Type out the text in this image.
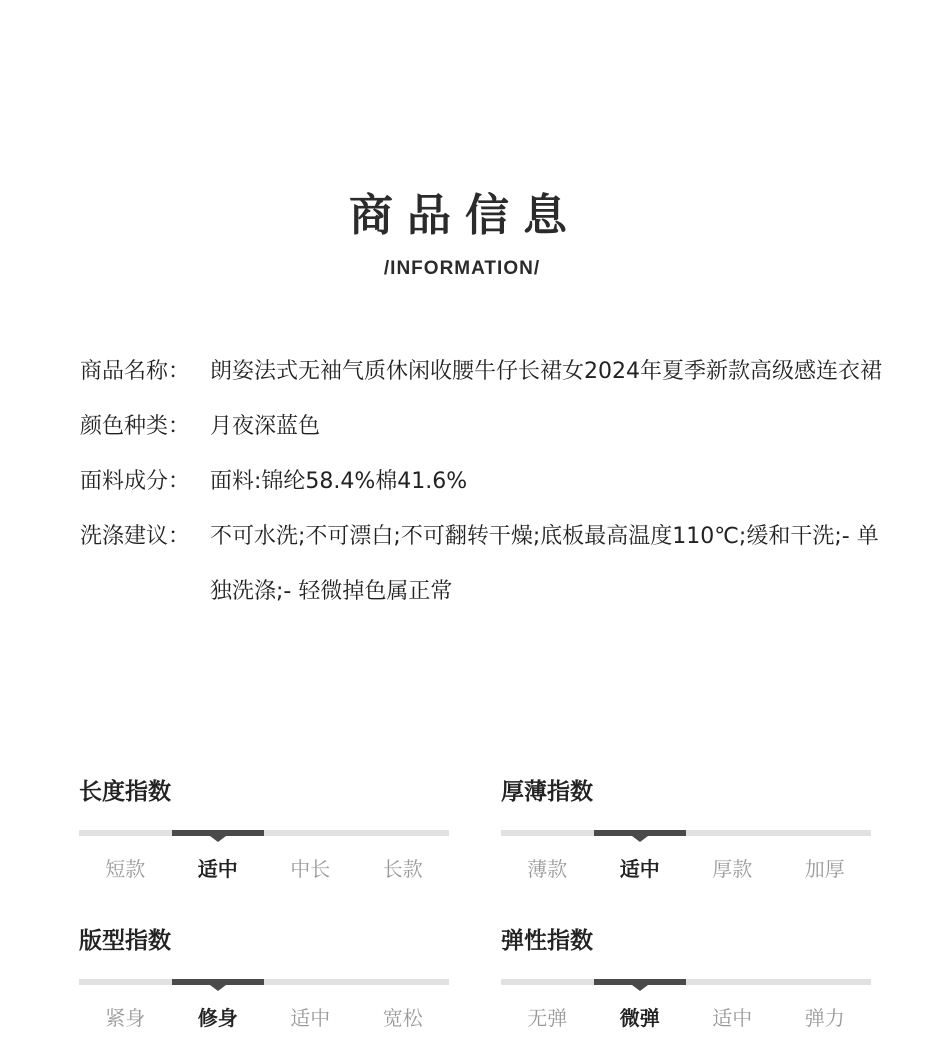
商品信息
/INFORMATION/
商品名称： 朗姿法式无袖气质休闲收腰牛仔长裙女2024年夏季新款高级感连衣裙
颜色种类： 月夜深蓝色
面料成分： 面料:锦纶58.4%棉41.6%
洗涤建议： 不可水洗;不可漂白;不可翻转干燥;底板最高温度110℃;缓和干洗;- 单独洗涤;- 轻微掉色属正常
长度指数
短款	适中	中长	长款
厚薄指数
薄款	适中	厚款	加厚
版型指数
紧身	修身	适中	宽松
弹性指数
无弹	微弹	适中	弹力
